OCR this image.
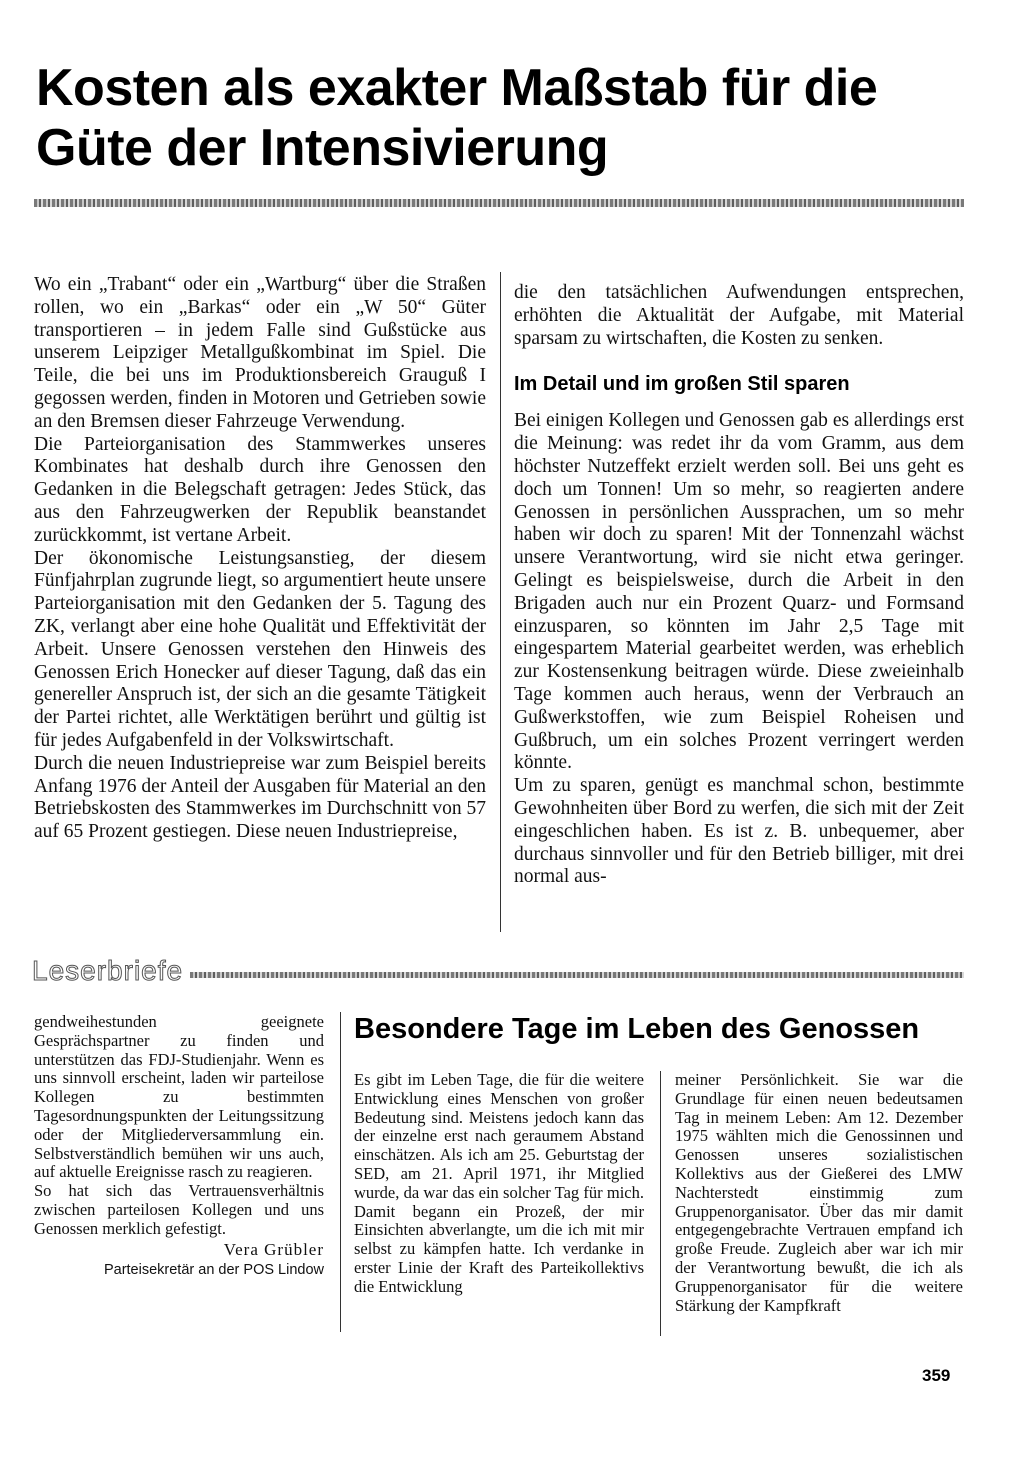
Kosten als exakter Maßstab für die Güte der Intensivierung

Wo ein „Trabant“ oder ein „Wartburg“ über die Straßen rollen, wo ein „Barkas“ oder ein „W 50“ Güter transportieren – in jedem Falle sind Gußstücke aus unserem Leipziger Metallgußkombinat im Spiel. Die Teile, die bei uns im Produktionsbereich Grauguß I gegossen werden, finden in Motoren und Getrieben sowie an den Bremsen dieser Fahrzeuge Verwendung.

Die Parteiorganisation des Stammwerkes unseres Kombinates hat deshalb durch ihre Genossen den Gedanken in die Belegschaft getragen: Jedes Stück, das aus den Fahrzeugwerken der Republik beanstandet zurückkommt, ist vertane Arbeit.

Der ökonomische Leistungsanstieg, der diesem Fünfjahrplan zugrunde liegt, so argumentiert heute unsere Parteiorganisation mit den Gedanken der 5. Tagung des ZK, verlangt aber eine hohe Qualität und Effektivität der Arbeit. Unsere Genossen verstehen den Hinweis des Genossen Erich Honecker auf dieser Tagung, daß das ein genereller Anspruch ist, der sich an die gesamte Tätigkeit der Partei richtet, alle Werktätigen berührt und gültig ist für jedes Aufgabenfeld in der Volkswirtschaft.

Durch die neuen Industriepreise war zum Beispiel bereits Anfang 1976 der Anteil der Ausgaben für Material an den Betriebskosten des Stammwerkes im Durchschnitt von 57 auf 65 Prozent gestiegen. Diese neuen Industriepreise,

die den tatsächlichen Aufwendungen entsprechen, erhöhten die Aktualität der Aufgabe, mit Material sparsam zu wirtschaften, die Kosten zu senken.

Im Detail und im großen Stil sparen

Bei einigen Kollegen und Genossen gab es allerdings erst die Meinung: was redet ihr da vom Gramm, aus dem höchster Nutzeffekt erzielt werden soll. Bei uns geht es doch um Tonnen! Um so mehr, so reagierten andere Genossen in persönlichen Aussprachen, um so mehr haben wir doch zu sparen! Mit der Tonnenzahl wächst unsere Verantwortung, wird sie nicht etwa geringer. Gelingt es beispielsweise, durch die Arbeit in den Brigaden auch nur ein Prozent Quarz- und Formsand einzusparen, so könnten im Jahr 2,5 Tage mit eingespartem Material gearbeitet werden, was erheblich zur Kostensenkung beitragen würde. Diese zweieinhalb Tage kommen auch heraus, wenn der Verbrauch an Gußwerkstoffen, wie zum Beispiel Roheisen und Gußbruch, um ein solches Prozent verringert werden könnte.

Um zu sparen, genügt es manchmal schon, bestimmte Gewohnheiten über Bord zu werfen, die sich mit der Zeit eingeschlichen haben. Es ist z. B. unbequemer, aber durchaus sinnvoller und für den Betrieb billiger, mit drei normal aus-

Leserbriefe

gendweihestunden geeignete Gesprächspartner zu finden und unterstützen das FDJ-Studienjahr. Wenn es uns sinnvoll erscheint, laden wir parteilose Kollegen zu bestimmten Tagesordnungspunkten der Leitungssitzung oder der Mitgliederversammlung ein. Selbstverständlich bemühen wir uns auch, auf aktuelle Ereignisse rasch zu reagieren.

So hat sich das Vertrauensverhältnis zwischen parteilosen Kollegen und uns Genossen merklich gefestigt.

Vera Grübler
Parteisekretär an der POS Lindow
Besondere Tage im Leben des Genossen

Es gibt im Leben Tage, die für die weitere Entwicklung eines Menschen von großer Bedeutung sind. Meistens jedoch kann das der einzelne erst nach geraumem Abstand einschätzen. Als ich am 25. Geburtstag der SED, am 21. April 1971, ihr Mitglied wurde, da war das ein solcher Tag für mich. Damit begann ein Prozeß, der mir Einsichten abverlangte, um die ich mit mir selbst zu kämpfen hatte. Ich verdanke in erster Linie der Kraft des Parteikollektivs die Entwicklung

meiner Persönlichkeit. Sie war die Grundlage für einen neuen bedeutsamen Tag in meinem Leben: Am 12. Dezember 1975 wählten mich die Genossinnen und Genossen unseres sozialistischen Kollektivs aus der Gießerei des LMW Nachterstedt einstimmig zum Gruppenorganisator. Über das mir damit entgegengebrachte Vertrauen empfand ich große Freude. Zugleich aber war ich mir der Verantwortung bewußt, die ich als Gruppenorganisator für die weitere Stärkung der Kampfkraft

359
